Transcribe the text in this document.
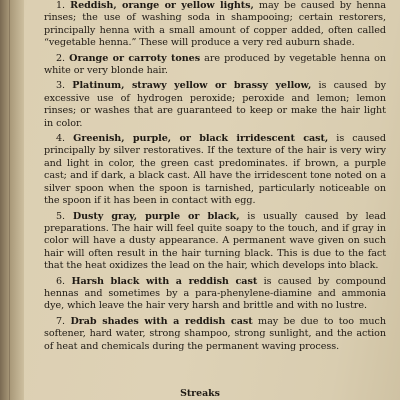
1. Reddish, orange or yellow lights, may be caused by henna rinses; the use of washing soda in shampooing; certain restorers, principally henna with a small amount of copper added, often called “vegetable henna.” These will produce a very red auburn shade.

2. Orange or carroty tones are produced by vegetable henna on white or very blonde hair.

3. Platinum, strawy yellow or brassy yellow, is caused by excessive use of hydrogen peroxide; peroxide and lemon; lemon rinses; or washes that are guaranteed to keep or make the hair light in color.

4. Greenish, purple, or black irridescent cast, is caused principally by silver restoratives. If the texture of the hair is very wiry and light in color, the green cast predominates. if brown, a purple cast; and if dark, a black cast. All have the irridescent tone noted on a silver spoon when the spoon is tarnished, particularly noticeable on the spoon if it has been in contact with egg.

5. Dusty gray, purple or black, is usually caused by lead preparations. The hair will feel quite soapy to the touch, and if gray in color will have a dusty appearance. A permanent wave given on such hair will often result in the hair turning black. This is due to the fact that the heat oxidizes the lead on the hair, which develops into black.

6. Harsh black with a reddish cast is caused by compound hennas and sometimes by a para-phenylene-diamine and ammonia dye, which leave the hair very harsh and brittle and with no lustre.

7. Drab shades with a reddish cast may be due to too much softener, hard water, strong shampoo, strong sunlight, and the action of heat and chemicals during the permanent waving process.

Streaks
